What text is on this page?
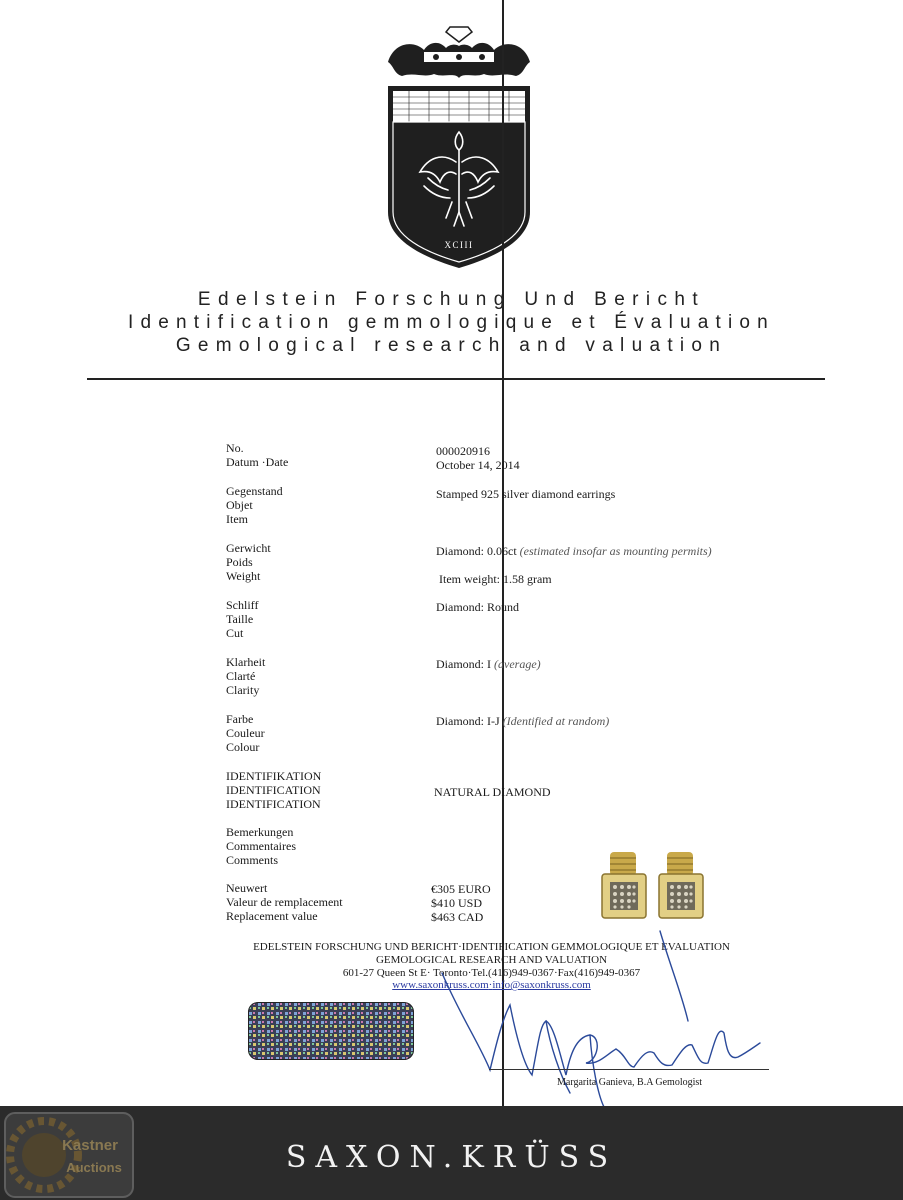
XCIII
Edelstein Forschung Und Bericht
Identification gemmologique et Évaluation
Gemological research and valuation
No.
Datum ·Date
Gegenstand
Objet
Item
Gerwicht
Poids
Weight
Schliff
Taille
Cut
Klarheit
Clarté
Clarity
Farbe
Couleur
Colour
IDENTIFIKATION
IDENTIFICATION
IDENTIFICATION
Bemerkungen
Commentaires
Comments
Neuwert
Valeur de remplacement
Replacement value
000020916
October 14, 2014
Stamped 925 silver diamond earrings
Diamond: 0.06ct (estimated insofar as mounting permits)
Item weight: 1.58 gram
Diamond: Round
Diamond: I (average)
Diamond: I-J (Identified at random)
NATURAL DIAMOND
€305 EURO
$410 USD
$463 CAD
EDELSTEIN FORSCHUNG UND BERICHT·IDENTIFICATION GEMMOLOGIQUE ET EVALUATION
GEMOLOGICAL RESEARCH AND VALUATION
601-27 Queen St E· Toronto·Tel.(416)949-0367·Fax(416)949-0367
www.saxonkruss.com·info@saxonkruss.com
Margarita Ganieva, B.A Gemologist
SAXON.KRÜSS
Kastner
Auctions
